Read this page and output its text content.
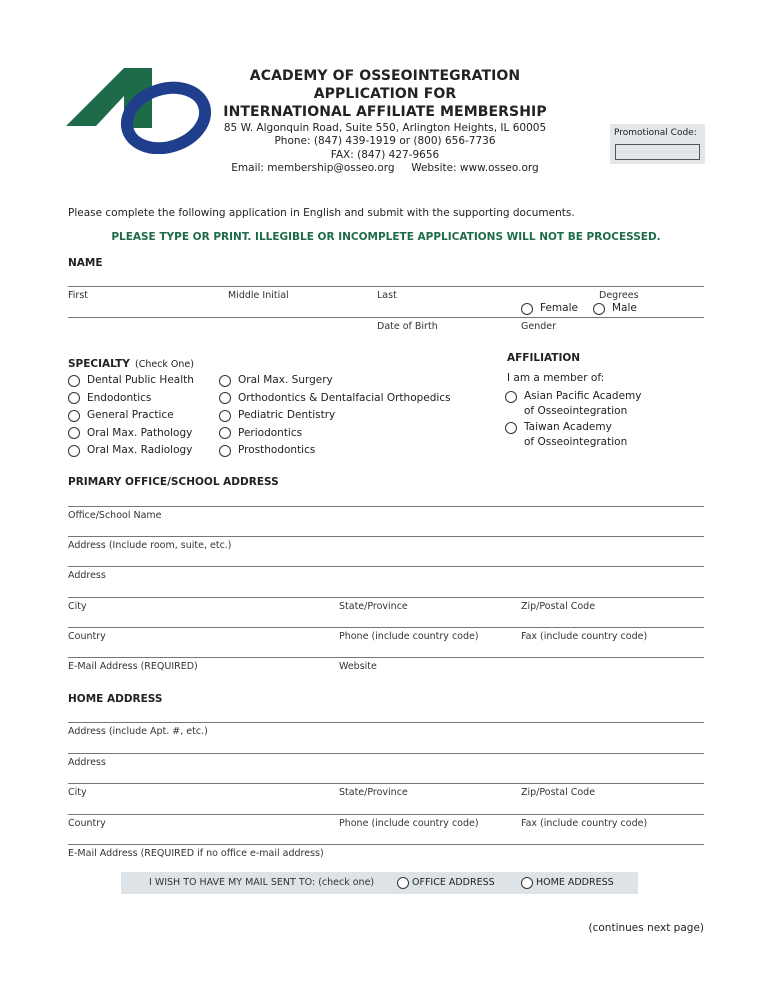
ACADEMY OF OSSEOINTEGRATION
APPLICATION FOR
INTERNATIONAL AFFILIATE MEMBERSHIP
85 W. Algonquin Road, Suite 550, Arlington Heights, IL 60005
Phone: (847) 439-1919 or (800) 656-7736
FAX: (847) 427-9656
Email: membership@osseo.org Website: www.osseo.org
Promotional Code:
Please complete the following application in English and submit with the supporting documents.
PLEASE TYPE OR PRINT. ILLEGIBLE OR INCOMPLETE APPLICATIONS WILL NOT BE PROCESSED.
NAME
First	Middle Initial	Last	Degrees
Female	Male
Date of Birth	Gender
SPECIALTY (Check One)
Dental Public Health
Endodontics
General Practice
Oral Max. Pathology
Oral Max. Radiology
Oral Max. Surgery
Orthodontics & Dentalfacial Orthopedics
Pediatric Dentistry
Periodontics
Prosthodontics
AFFILIATION
I am a member of:
Asian Pacific Academy
of Osseointegration
Taiwan Academy
of Osseointegration
PRIMARY OFFICE/SCHOOL ADDRESS
Office/School Name
Address (Include room, suite, etc.)
Address
City	State/Province	Zip/Postal Code
Country	Phone (include country code)	Fax (include country code)
E-Mail Address (REQUIRED)	Website
HOME ADDRESS
Address (include Apt. #, etc.)
Address
City	State/Province	Zip/Postal Code
Country	Phone (include country code)	Fax (include country code)
E-Mail Address (REQUIRED if no office e-mail address)
I WISH TO HAVE MY MAIL SENT TO: (check one)	OFFICE ADDRESS	HOME ADDRESS
(continues next page)
